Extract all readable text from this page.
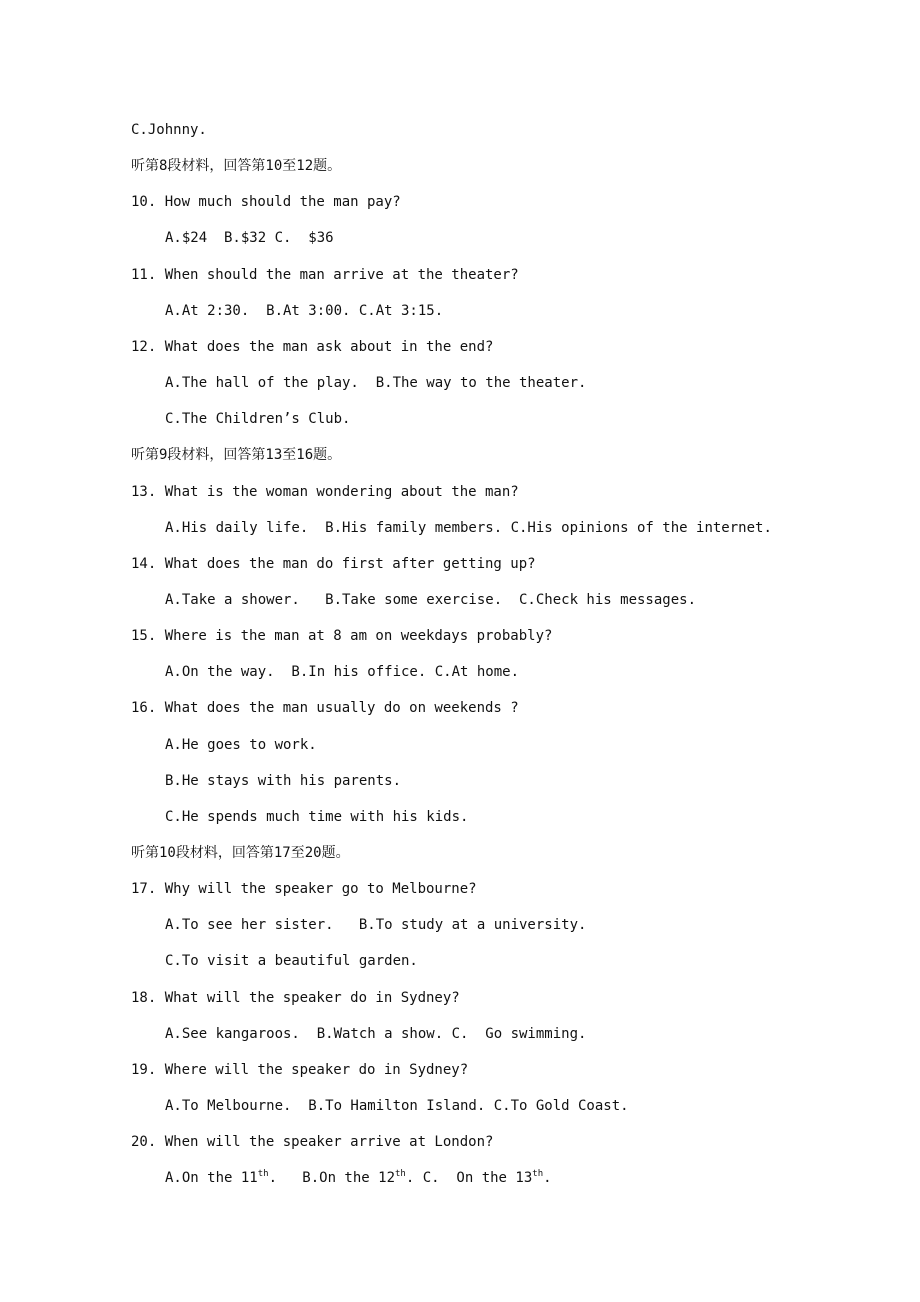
C.Johnny.
听第8段材料，回答第10至12题。
10. How much should the man pay?
A.$24  B.$32 C.  $36
11. When should the man arrive at the theater?
A.At 2:30.  B.At 3:00. C.At 3:15.
12. What does the man ask about in the end?
A.The hall of the play.  B.The way to the theater.
C.The Children’s Club.
听第9段材料，回答第13至16题。
13. What is the woman wondering about the man?
A.His daily life.  B.His family members. C.His opinions of the internet.
14. What does the man do first after getting up?
A.Take a shower.   B.Take some exercise.  C.Check his messages.
15. Where is the man at 8 am on weekdays probably?
A.On the way.  B.In his office. C.At home.
16. What does the man usually do on weekends ?
A.He goes to work.
B.He stays with his parents.
C.He spends much time with his kids.
听第10段材料，回答第17至20题。
17. Why will the speaker go to Melbourne?
A.To see her sister.   B.To study at a university.
C.To visit a beautiful garden.
18. What will the speaker do in Sydney?
A.See kangaroos.  B.Watch a show. C.  Go swimming.
19. Where will the speaker do in Sydney?
A.To Melbourne.  B.To Hamilton Island. C.To Gold Coast.
20. When will the speaker arrive at London?
A.On the 11th.   B.On the 12th. C.  On the 13th.
